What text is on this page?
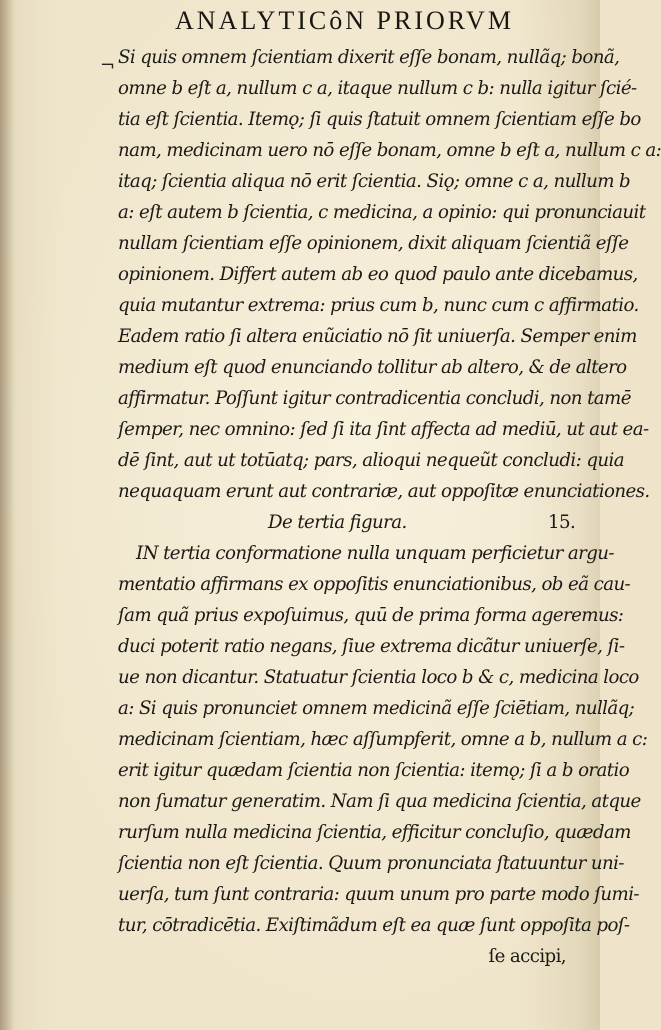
ANALYTICôN PRIORVM
¬ Si quis omnem ſcientiam dixerit eſſe bonam, nullãq; bonã,
omne b eſt a, nullum c a, itaque nullum c b: nulla igitur ſcié-
tia eſt ſcientia. Itemǫ; ſi quis ſtatuit omnem ſcientiam eſſe bo
nam, medicinam uero nō eſſe bonam, omne b eſt a, nullum c a:
itaq; ſcientia aliqua nō erit ſcientia. Siǫ; omne c a, nullum b
a: eſt autem b ſcientia, c medicina, a opinio: qui pronunciauit
nullam ſcientiam eſſe opinionem, dixit aliquam ſcientiã eſſe
opinionem. Differt autem ab eo quod paulo ante dicebamus,
quia mutantur extrema: prius cum b, nunc cum c affirmatio.
Eadem ratio ſi altera enũciatio nō ſit uniuerſa. Semper enim
medium eſt quod enunciando tollitur ab altero, & de altero
affirmatur. Poſſunt igitur contradicentia concludi, non tamē
ſemper, nec omnino: ſed ſi ita ſint affecta ad mediū, ut aut ea-
dē ſint, aut ut totūatq; pars, alioqui nequeũt concludi: quia
nequaquam erunt aut contrariæ, aut oppoſitæ enunciationes.
De tertia figura.	15.
IN tertia conformatione nulla unquam perficietur argu-
mentatio affirmans ex oppoſitis enunciationibus, ob eã cau-
ſam quã prius expoſuimus, quū de prima forma ageremus:
duci poterit ratio negans, ſiue extrema dicãtur uniuerſe, ſi-
ue non dicantur. Statuatur ſcientia loco b & c, medicina loco
a: Si quis pronunciet omnem medicinã eſſe ſciētiam, nullãq;
medicinam ſcientiam, hæc aſſumpferit, omne a b, nullum a c:
erit igitur quædam ſcientia non ſcientia: itemǫ; ſi a b oratio
non ſumatur generatim. Nam ſi qua medicina ſcientia, atque
rurſum nulla medicina ſcientia, efficitur concluſio, quædam
ſcientia non eſt ſcientia. Quum pronunciata ſtatuuntur uni-
uerſa, tum ſunt contraria: quum unum pro parte modo ſumi-
tur, cōtradicētia. Exiſtimãdum eſt ea quæ ſunt oppoſita poſ-
ſe accipi,
